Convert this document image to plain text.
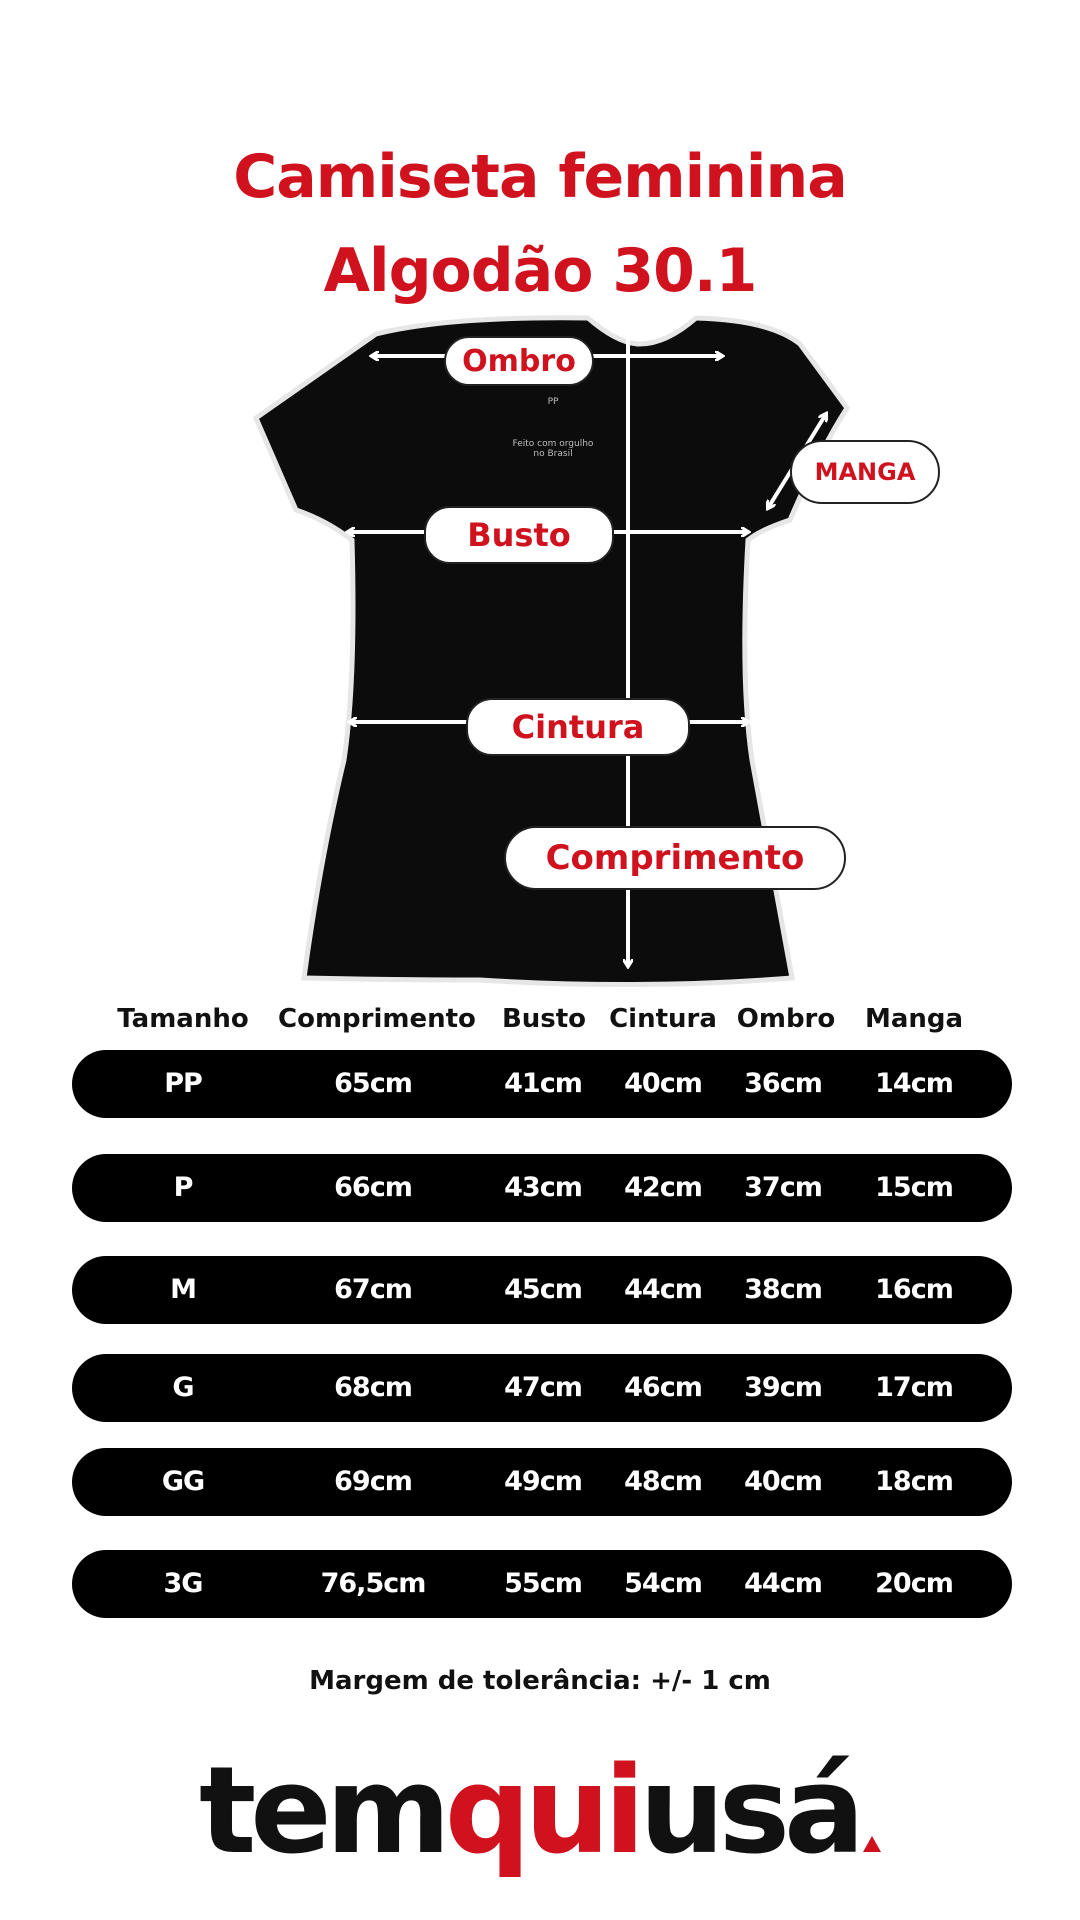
Camiseta feminina
Algodão 30.1
PP
Feito com orgulho
no Brasil
Ombro
MANGA
Busto
Cintura
Comprimento
Tamanho	Comprimento	Busto Cintura Ombro Manga
PP	65cm	41cm	40cm	36cm	14cm
P	66cm	43cm	42cm	37cm	15cm
M	67cm	45cm	44cm	38cm	16cm
G	68cm	47cm	46cm	39cm	17cm
GG	69cm	49cm	48cm	40cm	18cm
3G	76,5cm	55cm	54cm	44cm	20cm
Margem de tolerância: +/- 1 cm
temquiusá
